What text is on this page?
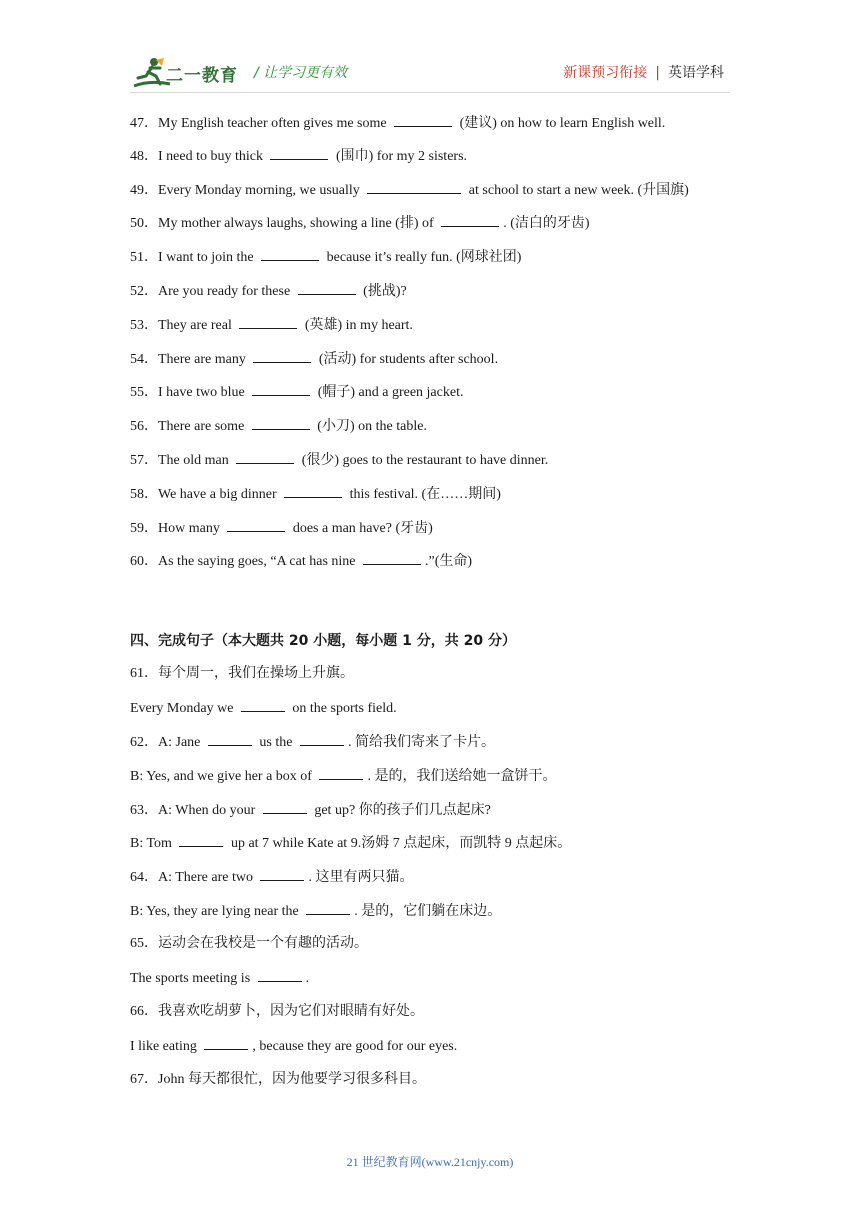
二一教育 / 让学习更有效	新课预习衔接 | 英语学科
47．My English teacher often gives me some	(建议) on how to learn English well.
48．I need to buy thick	(围巾) for my 2 sisters.
49．Every Monday morning, we usually	at school to start a new week. (升国旗)
50．My mother always laughs, showing a line (排) of	. (洁白的牙齿)
51．I want to join the	because it’s really fun. (网球社团)
52．Are you ready for these	(挑战)?
53．They are real	(英雄) in my heart.
54．There are many	(活动) for students after school.
55．I have two blue	(帽子) and a green jacket.
56．There are some	(小刀) on the table.
57．The old man	(很少) goes to the restaurant to have dinner.
58．We have a big dinner	this festival. (在……期间)
59．How many	does a man have? (牙齿)
60．As the saying goes, “A cat has nine	.”(生命)
四、完成句子（本大题共 20 小题，每小题 1 分，共 20 分）
61．每个周一，我们在操场上升旗。
Every Monday we	on the sports field.
62．A: Jane	us the	. 简给我们寄来了卡片。
B: Yes, and we give her a box of	. 是的，我们送给她一盒饼干。
63．A: When do your	get up? 你的孩子们几点起床?
B: Tom	up at 7 while Kate at 9.汤姆 7 点起床，而凯特 9 点起床。
64．A: There are two	. 这里有两只猫。
B: Yes, they are lying near the	. 是的，它们躺在床边。
65．运动会在我校是一个有趣的活动。
The sports meeting is	.
66．我喜欢吃胡萝卜，因为它们对眼睛有好处。
I like eating	, because they are good for our eyes.
67．John 每天都很忙，因为他要学习很多科目。
21 世纪教育网(www.21cnjy.com)
